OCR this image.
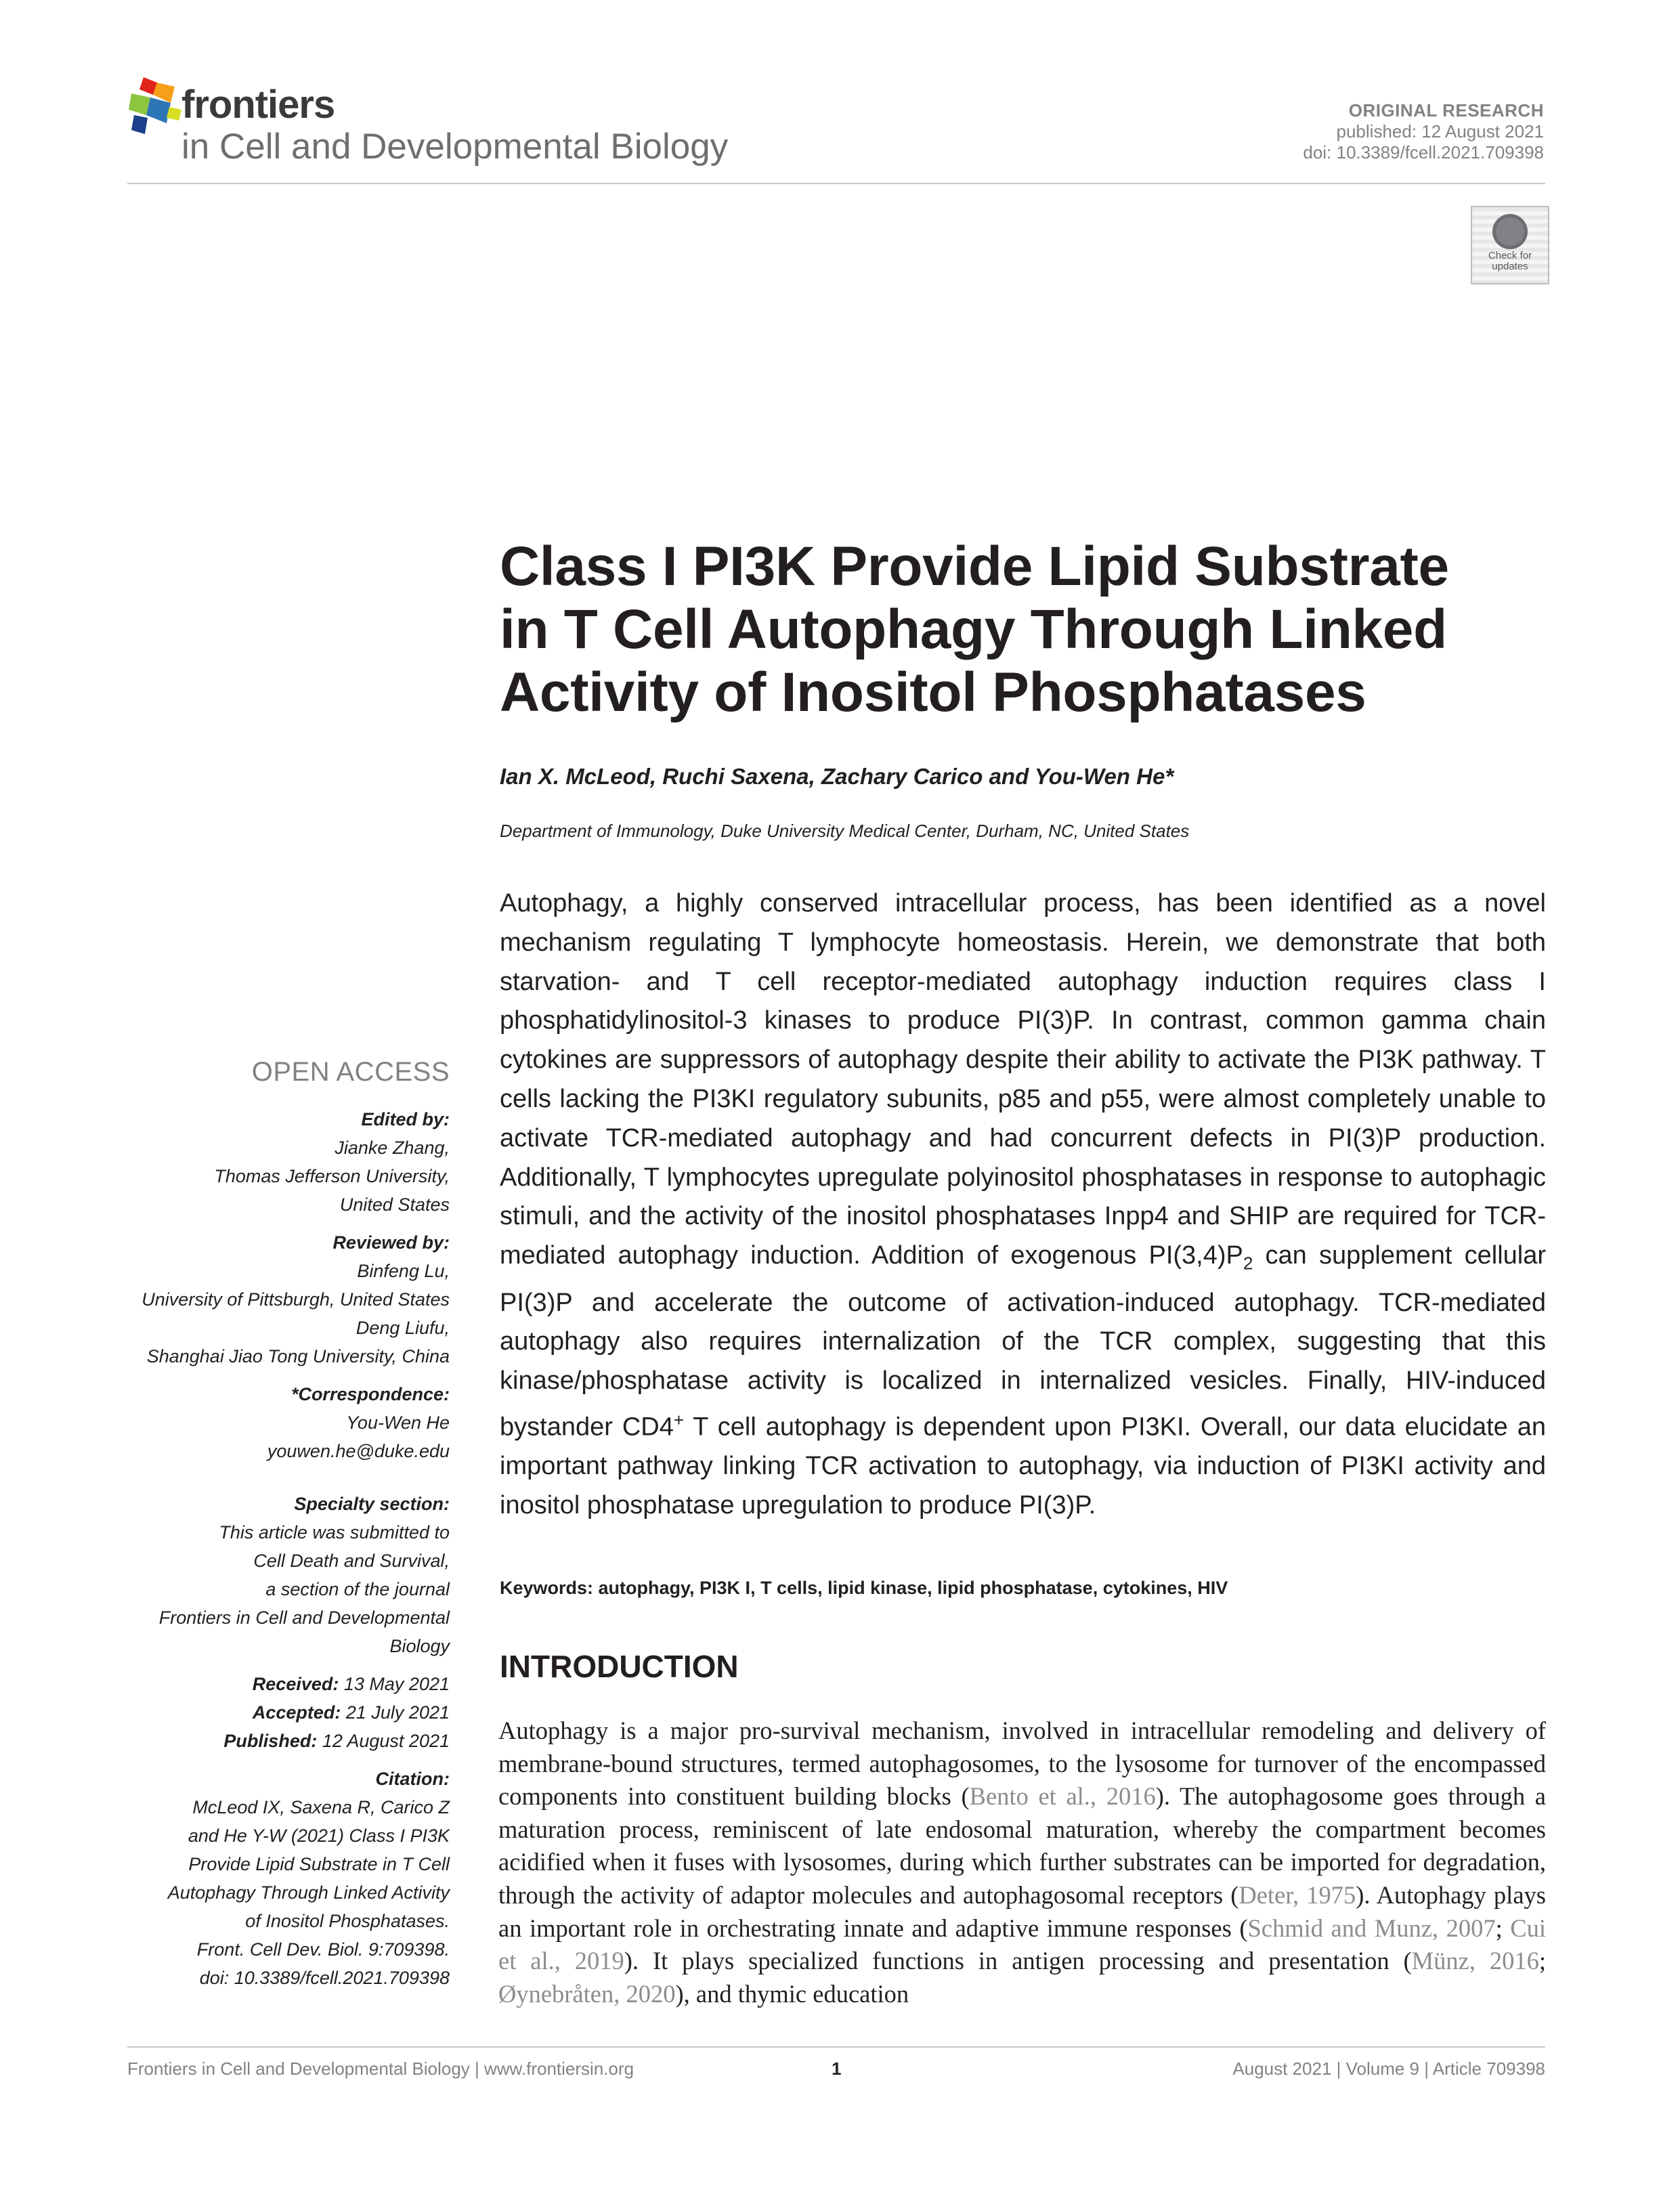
frontiers
in Cell and Developmental Biology
ORIGINAL RESEARCH
published: 12 August 2021
doi: 10.3389/fcell.2021.709398
Check for
updates
Class I PI3K Provide Lipid Substrate
in T Cell Autophagy Through Linked
Activity of Inositol Phosphatases
Ian X. McLeod, Ruchi Saxena, Zachary Carico and You-Wen He*
Department of Immunology, Duke University Medical Center, Durham, NC, United States
Autophagy, a highly conserved intracellular process, has been identified as a novel mechanism regulating T lymphocyte homeostasis. Herein, we demonstrate that both starvation- and T cell receptor-mediated autophagy induction requires class I phosphatidylinositol-3 kinases to produce PI(3)P. In contrast, common gamma chain cytokines are suppressors of autophagy despite their ability to activate the PI3K pathway. T cells lacking the PI3KI regulatory subunits, p85 and p55, were almost completely unable to activate TCR-mediated autophagy and had concurrent defects in PI(3)P production. Additionally, T lymphocytes upregulate polyinositol phosphatases in response to autophagic stimuli, and the activity of the inositol phosphatases Inpp4 and SHIP are required for TCR-mediated autophagy induction. Addition of exogenous $PI(3,4)P_2$ can supplement cellular PI(3)P and accelerate the outcome of activation-induced autophagy. TCR-mediated autophagy also requires internalization of the TCR complex, suggesting that this kinase/phosphatase activity is localized in internalized vesicles. Finally, HIV-induced bystander CD4+ T cell autophagy is dependent upon PI3KI. Overall, our data elucidate an important pathway linking TCR activation to autophagy, via induction of PI3KI activity and inositol phosphatase upregulation to produce PI(3)P.
Keywords: autophagy, PI3K I, T cells, lipid kinase, lipid phosphatase, cytokines, HIV
INTRODUCTION
Autophagy is a major pro-survival mechanism, involved in intracellular remodeling and delivery of membrane-bound structures, termed autophagosomes, to the lysosome for turnover of the encompassed components into constituent building blocks (Bento et al., 2016). The autophagosome goes through a maturation process, reminiscent of late endosomal maturation, whereby the compartment becomes acidified when it fuses with lysosomes, during which further substrates can be imported for degradation, through the activity of adaptor molecules and autophagosomal receptors (Deter, 1975). Autophagy plays an important role in orchestrating innate and adaptive immune responses (Schmid and Munz, 2007; Cui et al., 2019). It plays specialized functions in antigen processing and presentation (Münz, 2016; Øynebråten, 2020), and thymic education
OPEN ACCESS
Edited by:
Jianke Zhang,
Thomas Jefferson University,
United States
Reviewed by:
Binfeng Lu,
University of Pittsburgh, United States
Deng Liufu,
Shanghai Jiao Tong University, China
*Correspondence:
You-Wen He
youwen.he@duke.edu
Specialty section:
This article was submitted to
Cell Death and Survival,
a section of the journal
Frontiers in Cell and Developmental
Biology
Received: 13 May 2021
Accepted: 21 July 2021
Published: 12 August 2021
Citation:
McLeod IX, Saxena R, Carico Z
and He Y-W (2021) Class I PI3K
Provide Lipid Substrate in T Cell
Autophagy Through Linked Activity
of Inositol Phosphatases.
Front. Cell Dev. Biol. 9:709398.
doi: 10.3389/fcell.2021.709398
Frontiers in Cell and Developmental Biology | www.frontiersin.org	1	August 2021 | Volume 9 | Article 709398
